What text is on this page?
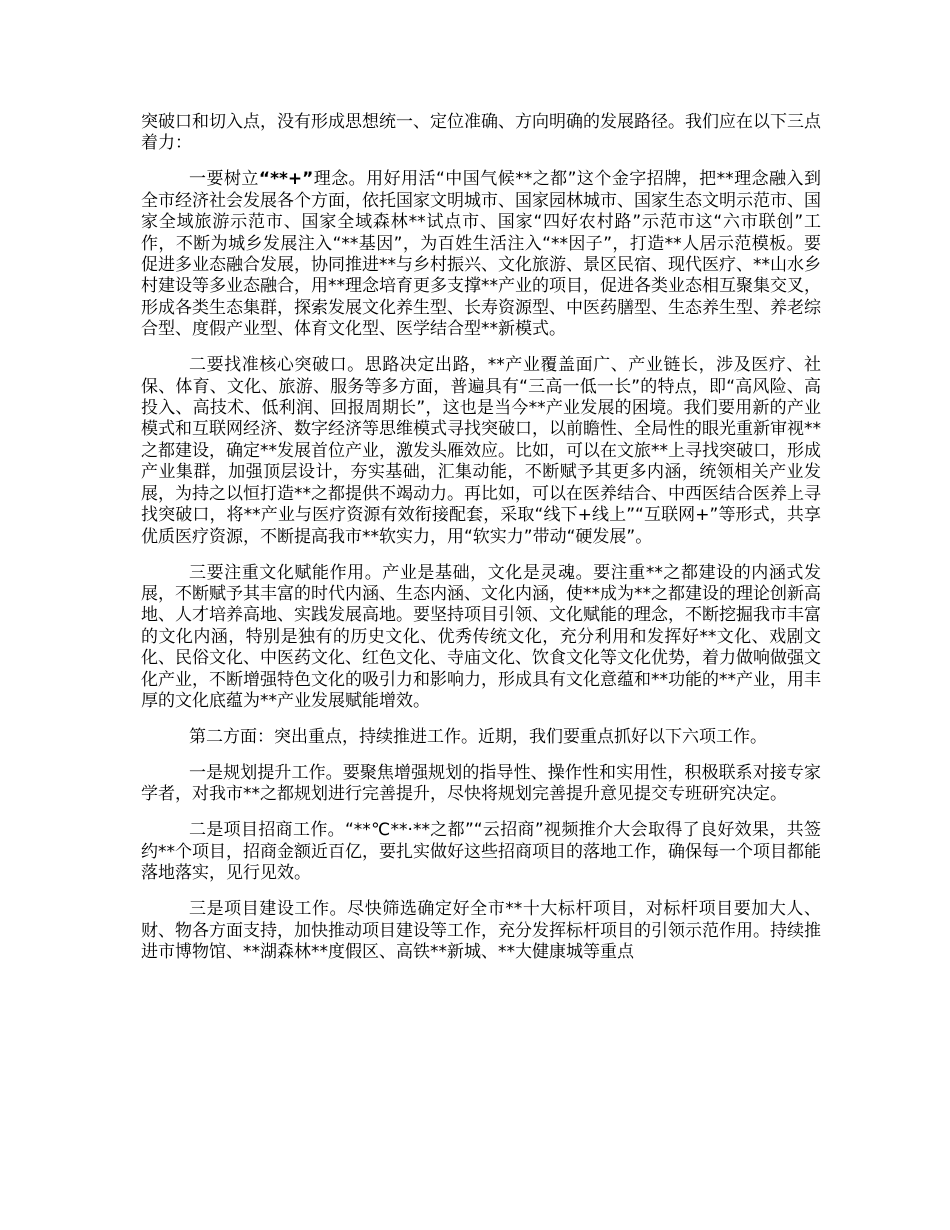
突破口和切入点，没有形成思想统一、定位准确、方向明确的发展路径。我们应在以下三点着力：

一要树立“**+”理念。用好用活“中国气候**之都”这个金字招牌，把**理念融入到全市经济社会发展各个方面，依托国家文明城市、国家园林城市、国家生态文明示范市、国家全域旅游示范市、国家全域森林**试点市、国家“四好农村路”示范市这“六市联创”工作，不断为城乡发展注入“**基因”，为百姓生活注入“**因子”，打造**人居示范模板。要促进多业态融合发展，协同推进**与乡村振兴、文化旅游、景区民宿、现代医疗、**山水乡村建设等多业态融合，用**理念培育更多支撑**产业的项目，促进各类业态相互聚集交叉，形成各类生态集群，探索发展文化养生型、长寿资源型、中医药膳型、生态养生型、养老综合型、度假产业型、体育文化型、医学结合型**新模式。

二要找准核心突破口。思路决定出路，**产业覆盖面广、产业链长，涉及医疗、社保、体育、文化、旅游、服务等多方面，普遍具有“三高一低一长”的特点，即“高风险、高投入、高技术、低利润、回报周期长”，这也是当今**产业发展的困境。我们要用新的产业模式和互联网经济、数字经济等思维模式寻找突破口，以前瞻性、全局性的眼光重新审视**之都建设，确定**发展首位产业，激发头雁效应。比如，可以在文旅**上寻找突破口，形成产业集群，加强顶层设计，夯实基础，汇集动能，不断赋予其更多内涵，统领相关产业发展，为持之以恒打造**之都提供不竭动力。再比如，可以在医养结合、中西医结合医养上寻找突破口，将**产业与医疗资源有效衔接配套，采取“线下+线上”“互联网+”等形式，共享优质医疗资源，不断提高我市**软实力，用“软实力”带动“硬发展”。

三要注重文化赋能作用。产业是基础，文化是灵魂。要注重**之都建设的内涵式发展，不断赋予其丰富的时代内涵、生态内涵、文化内涵，使**成为**之都建设的理论创新高地、人才培养高地、实践发展高地。要坚持项目引领、文化赋能的理念，不断挖掘我市丰富的文化内涵，特别是独有的历史文化、优秀传统文化，充分利用和发挥好**文化、戏剧文化、民俗文化、中医药文化、红色文化、寺庙文化、饮食文化等文化优势，着力做响做强文化产业，不断增强特色文化的吸引力和影响力，形成具有文化意蕴和**功能的**产业，用丰厚的文化底蕴为**产业发展赋能增效。

第二方面：突出重点，持续推进工作。近期，我们要重点抓好以下六项工作。

一是规划提升工作。要聚焦增强规划的指导性、操作性和实用性，积极联系对接专家学者，对我市**之都规划进行完善提升，尽快将规划完善提升意见提交专班研究决定。

二是项目招商工作。“**℃**·**之都”“云招商”视频推介大会取得了良好效果，共签约**个项目，招商金额近百亿，要扎实做好这些招商项目的落地工作，确保每一个项目都能落地落实，见行见效。

三是项目建设工作。尽快筛选确定好全市**十大标杆项目，对标杆项目要加大人、财、物各方面支持，加快推动项目建设等工作，充分发挥标杆项目的引领示范作用。持续推进市博物馆、**湖森林**度假区、高铁**新城、**大健康城等重点
